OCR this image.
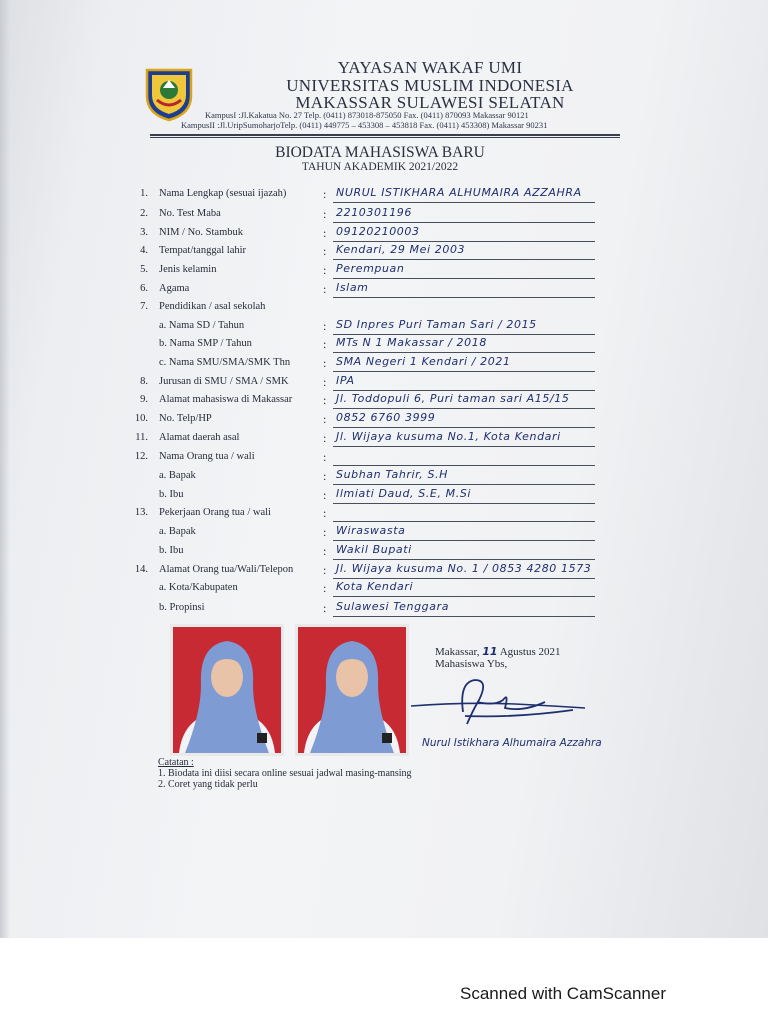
YAYASAN WAKAF UMI
UNIVERSITAS MUSLIM INDONESIA
MAKASSAR SULAWESI SELATAN
KampusI :Jl.Kakatua No. 27 Telp. (0411) 873018-875050 Fax. (0411) 870093 Makassar 90121
KampusII :Jl.UripSumoharjoTelp. (0411) 449775 – 453308 – 453818 Fax. (0411) 453308) Makassar 90231
BIODATA MAHASISWA BARU
TAHUN AKADEMIK 2021/2022
1. Nama Lengkap (sesuai ijazah)	: NURUL ISTIKHARA ALHUMAIRA AZZAHRA
2. No. Test Maba	: 2210301196
3. NIM / No. Stambuk	: 09120210003
4. Tempat/tanggal lahir	: Kendari, 29 Mei 2003
5. Jenis kelamin	: Perempuan
6. Agama	: Islam
7. Pendidikan / asal sekolah
a. Nama SD / Tahun	: SD Inpres Puri Taman Sari / 2015
b. Nama SMP / Tahun	: MTs N 1 Makassar / 2018
c. Nama SMU/SMA/SMK Thn	: SMA Negeri 1 Kendari / 2021
8. Jurusan di SMU / SMA / SMK	: IPA
9. Alamat mahasiswa di Makassar	: Jl. Toddopuli 6, Puri taman sari A15/15
10. No. Telp/HP	: 0852 6760 3999
11. Alamat daerah asal	: Jl. Wijaya kusuma No.1, Kota Kendari
12. Nama Orang tua / wali	:
a. Bapak	: Subhan Tahrir, S.H
b. Ibu	: Ilmiati Daud, S.E, M.Si
13. Pekerjaan Orang tua / wali	:
a. Bapak	: Wiraswasta
b. Ibu	: Wakil Bupati
14. Alamat Orang tua/Wali/Telepon : Jl. Wijaya kusuma No. 1 / 0853 4280 1573
a. Kota/Kabupaten	: Kota Kendari
b. Propinsi	: Sulawesi Tenggara
Makassar, 11 Agustus 2021
Mahasiswa Ybs,
Nurul Istikhara Alhumaira Azzahra
Catatan :
1. Biodata ini diisi secara online sesuai jadwal masing-mansing
2. Coret yang tidak perlu
Scanned with CamScanner
